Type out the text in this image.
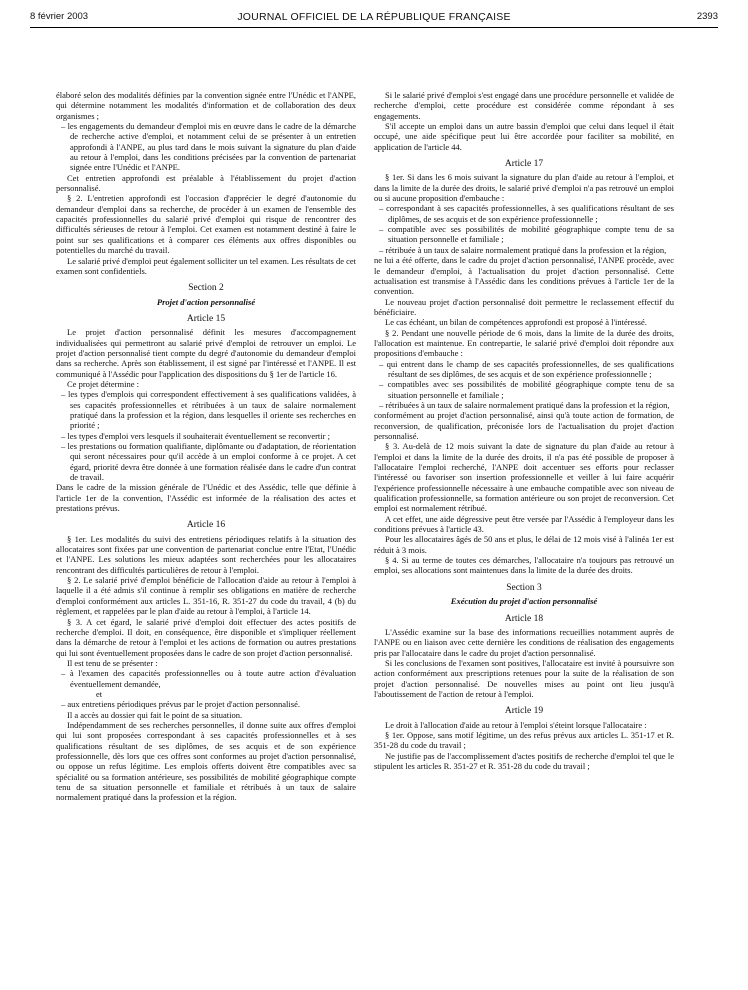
8 février 2003	JOURNAL OFFICIEL DE LA RÉPUBLIQUE FRANÇAISE	2393

élaboré selon des modalités définies par la convention signée entre l'Unédic et l'ANPE, qui détermine notamment les modalités d'information et de collaboration des deux organismes ;

– les engagements du demandeur d'emploi mis en œuvre dans le cadre de la démarche de recherche active d'emploi, et notamment celui de se présenter à un entretien approfondi à l'ANPE, au plus tard dans le mois suivant la signature du plan d'aide au retour à l'emploi, dans les conditions précisées par la convention de partenariat signée entre l'Unédic et l'ANPE.

Cet entretien approfondi est préalable à l'établissement du projet d'action personnalisé.

§ 2. L'entretien approfondi est l'occasion d'apprécier le degré d'autonomie du demandeur d'emploi dans sa recherche, de procéder à un examen de l'ensemble des capacités professionnelles du salarié privé d'emploi qui risque de rencontrer des difficultés sérieuses de retour à l'emploi. Cet examen est notamment destiné à faire le point sur ses qualifications et à comparer ces éléments aux offres disponibles ou potentielles du marché du travail.

Le salarié privé d'emploi peut également solliciter un tel examen. Les résultats de cet examen sont confidentiels.

Section 2

Projet d'action personnalisé

Article 15

Le projet d'action personnalisé définit les mesures d'accompagnement individualisées qui permettront au salarié privé d'emploi de retrouver un emploi. Le projet d'action personnalisé tient compte du degré d'autonomie du demandeur d'emploi dans sa recherche. Après son établissement, il est signé par l'intéressé et l'ANPE. Il est communiqué à l'Assédic pour l'application des dispositions du § 1er de l'article 16.

Ce projet détermine :

– les types d'emplois qui correspondent effectivement à ses qualifications validées, à ses capacités professionnelles et rétribuées à un taux de salaire normalement pratiqué dans la profession et la région, dans lesquelles il oriente ses recherches en priorité ;
– les types d'emploi vers lesquels il souhaiterait éventuellement se reconvertir ;
– les prestations ou formation qualifiante, diplômante ou d'adaptation, de réorientation qui seront nécessaires pour qu'il accède à un emploi conforme à ce projet. A cet égard, priorité devra être donnée à une formation réalisée dans le cadre d'un contrat de travail.

Dans le cadre de la mission générale de l'Unédic et des Assédic, telle que définie à l'article 1er de la convention, l'Assédic est informée de la réalisation des actes et prestations prévus.

Article 16

§ 1er. Les modalités du suivi des entretiens périodiques relatifs à la situation des allocataires sont fixées par une convention de partenariat conclue entre l'Etat, l'Unédic et l'ANPE. Les solutions les mieux adaptées sont recherchées pour les allocataires rencontrant des difficultés particulières de retour à l'emploi.

§ 2. Le salarié privé d'emploi bénéficie de l'allocation d'aide au retour à l'emploi à laquelle il a été admis s'il continue à remplir ses obligations en matière de recherche d'emploi conformément aux articles L. 351-16, R. 351-27 du code du travail, 4 (b) du règlement, et rappelées par le plan d'aide au retour à l'emploi, à l'article 14.

§ 3. A cet égard, le salarié privé d'emploi doit effectuer des actes positifs de recherche d'emploi. Il doit, en conséquence, être disponible et s'impliquer réellement dans la démarche de retour à l'emploi et les actions de formation ou autres prestations qui lui sont éventuellement proposées dans le cadre de son projet d'action personnalisé.

Il est tenu de se présenter :

– à l'examen des capacités professionnelles ou à toute autre action d'évaluation éventuellement demandée,
et
– aux entretiens périodiques prévus par le projet d'action personnalisé.

Il a accès au dossier qui fait le point de sa situation.

Indépendamment de ses recherches personnelles, il donne suite aux offres d'emploi qui lui sont proposées correspondant à ses capacités professionnelles et à ses qualifications résultant de ses diplômes, de ses acquis et de son expérience professionnelle, dès lors que ces offres sont conformes au projet d'action personnalisé, ou oppose un refus légitime. Les emplois offerts doivent être compatibles avec sa spécialité ou sa formation antérieure, ses possibilités de mobilité géographique compte tenu de sa situation personnelle et familiale et rétribués à un taux de salaire normalement pratiqué dans la profession et la région.

Si le salarié privé d'emploi s'est engagé dans une procédure personnelle et validée de recherche d'emploi, cette procédure est considérée comme répondant à ses engagements.

S'il accepte un emploi dans un autre bassin d'emploi que celui dans lequel il était occupé, une aide spécifique peut lui être accordée pour faciliter sa mobilité, en application de l'article 44.

Article 17

§ 1er. Si dans les 6 mois suivant la signature du plan d'aide au retour à l'emploi, et dans la limite de la durée des droits, le salarié privé d'emploi n'a pas retrouvé un emploi ou si aucune proposition d'embauche :

– correspondant à ses capacités professionnelles, à ses qualifications résultant de ses diplômes, de ses acquis et de son expérience professionnelle ;
– compatible avec ses possibilités de mobilité géographique compte tenu de sa situation personnelle et familiale ;
– rétribuée à un taux de salaire normalement pratiqué dans la profession et la région,

ne lui a été offerte, dans le cadre du projet d'action personnalisé, l'ANPE procède, avec le demandeur d'emploi, à l'actualisation du projet d'action personnalisé. Cette actualisation est transmise à l'Assédic dans les conditions prévues à l'article 1er de la convention.

Le nouveau projet d'action personnalisé doit permettre le reclassement effectif du bénéficiaire.

Le cas échéant, un bilan de compétences approfondi est proposé à l'intéressé.

§ 2. Pendant une nouvelle période de 6 mois, dans la limite de la durée des droits, l'allocation est maintenue. En contrepartie, le salarié privé d'emploi doit répondre aux propositions d'embauche :

– qui entrent dans le champ de ses capacités professionnelles, de ses qualifications résultant de ses diplômes, de ses acquis et de son expérience professionnelle ;
– compatibles avec ses possibilités de mobilité géographique compte tenu de sa situation personnelle et familiale ;
– rétribuées à un taux de salaire normalement pratiqué dans la profession et la région,

conformément au projet d'action personnalisé, ainsi qu'à toute action de formation, de reconversion, de qualification, préconisée lors de l'actualisation du projet d'action personnalisé.

§ 3. Au-delà de 12 mois suivant la date de signature du plan d'aide au retour à l'emploi et dans la limite de la durée des droits, il n'a pas été possible de proposer à l'allocataire l'emploi recherché, l'ANPE doit accentuer ses efforts pour reclasser l'intéressé ou favoriser son insertion professionnelle et veiller à lui faire acquérir l'expérience professionnelle nécessaire à une embauche compatible avec son niveau de qualification professionnelle, sa formation antérieure ou son projet de reconversion. Cet emploi est normalement rétribué.

A cet effet, une aide dégressive peut être versée par l'Assédic à l'employeur dans les conditions prévues à l'article 43.

Pour les allocataires âgés de 50 ans et plus, le délai de 12 mois visé à l'alinéa 1er est réduit à 3 mois.

§ 4. Si au terme de toutes ces démarches, l'allocataire n'a toujours pas retrouvé un emploi, ses allocations sont maintenues dans la limite de la durée des droits.

Section 3

Exécution du projet d'action personnalisé

Article 18

L'Assédic examine sur la base des informations recueillies notamment auprès de l'ANPE ou en liaison avec cette dernière les conditions de réalisation des engagements pris par l'allocataire dans le cadre du projet d'action personnalisé.

Si les conclusions de l'examen sont positives, l'allocataire est invité à poursuivre son action conformément aux prescriptions retenues pour la suite de la réalisation de son projet d'action personnalisé. De nouvelles mises au point ont lieu jusqu'à l'aboutissement de l'action de retour à l'emploi.

Article 19

Le droit à l'allocation d'aide au retour à l'emploi s'éteint lorsque l'allocataire :

§ 1er. Oppose, sans motif légitime, un des refus prévus aux articles L. 351-17 et R. 351-28 du code du travail ;

Ne justifie pas de l'accomplissement d'actes positifs de recherche d'emploi tel que le stipulent les articles R. 351-27 et R. 351-28 du code du travail ;
